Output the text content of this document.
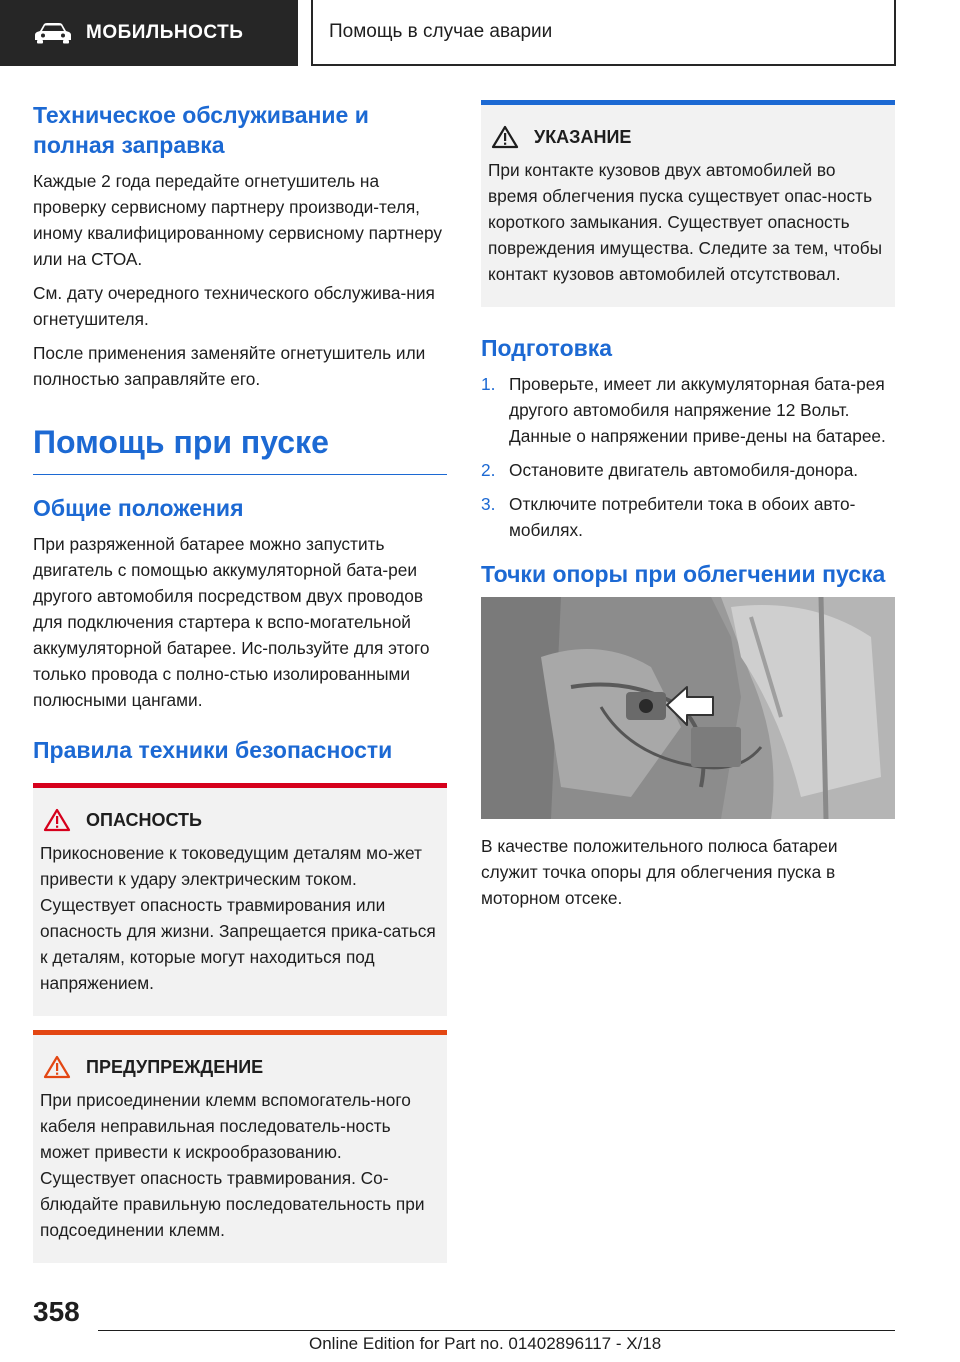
МОБИЛЬНОСТЬ	Помощь в случае аварии
Техническое обслуживание и полная заправка

Каждые 2 года передайте огнетушитель на проверку сервисному партнеру производи-теля, иному квалифицированному сервисному партнеру или на СТОА.

См. дату очередного технического обслужива-ния огнетушителя.

После применения заменяйте огнетушитель или полностью заправляйте его.

Помощь при пуске
Общие положения

При разряженной батарее можно запустить двигатель с помощью аккумуляторной бата-реи другого автомобиля посредством двух проводов для подключения стартера к вспо-могательной аккумуляторной батарее. Ис-пользуйте для этого только провода с полно-стью изолированными полюсными цангами.

Правила техники безопасности
ОПАСНОСТЬ

Прикосновение к токоведущим деталям мо-жет привести к удару электрическим током. Существует опасность травмирования или опасность для жизни. Запрещается прика-саться к деталям, которые могут находиться под напряжением.

ПРЕДУПРЕЖДЕНИЕ

При присоединении клемм вспомогатель-ного кабеля неправильная последователь-ность может привести к искрообразованию. Существует опасность травмирования. Со-блюдайте правильную последовательность при подсоединении клемм.

УКАЗАНИЕ

При контакте кузовов двух автомобилей во время облегчения пуска существует опас-ность короткого замыкания. Существует опасность повреждения имущества. Следите за тем, чтобы контакт кузовов автомобилей отсутствовал.

Подготовка
1. Проверьте, имеет ли аккумуляторная бата-рея другого автомобиля напряжение 12 Вольт. Данные о напряжении приве-дены на батарее.
2. Остановите двигатель автомобиля-донора.
3. Отключите потребители тока в обоих авто-мобилях.
Точки опоры при облегчении пуска

В качестве положительного полюса батареи служит точка опоры для облегчения пуска в моторном отсеке.

358
Online Edition for Part no. 01402896117 - X/18
